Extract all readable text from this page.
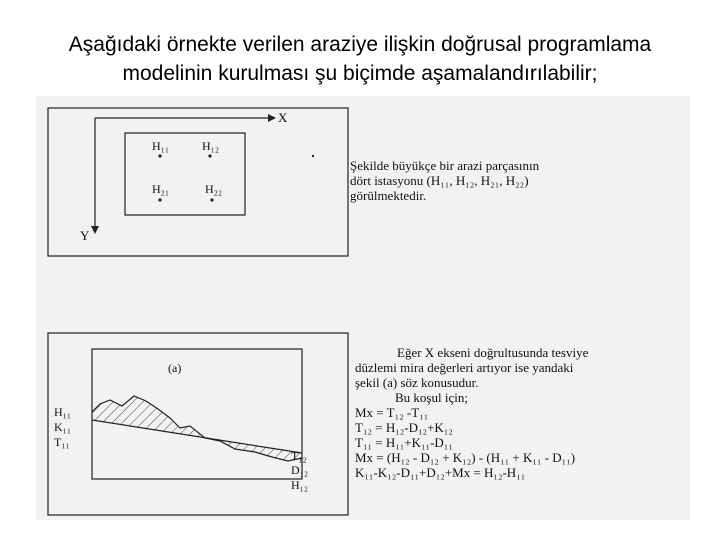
Aşağıdaki örnekte verilen araziye ilişkin doğrusal programlama
modelinin kurulması şu biçimde aşamalandırılabilir;
X
Y
H₁₁	H₁₂
H₂₁	H₂₂
(a)
H₁₁
K₁₁
T₁₁
T₁₂
D₁₂
H₁₂
Şekilde büyükçe bir arazi parçasının
dört istasyonu (H₁₁, H₁₂, H₂₁, H₂₂)
görülmektedir.
Eğer X ekseni doğrultusunda tesviye
düzlemi mira değerleri artıyor ise yandaki
şekil (a) söz konusudur.
Bu koşul için;
Mx = T₁₂ -T₁₁
T₁₂ = H₁₂-D₁₂+K₁₂
T₁₁ = H₁₁+K₁₁-D₁₁
Mx = (H₁₂ - D₁₂ + K₁₂) - (H₁₁ + K₁₁ - D₁₁)
K₁₁-K₁₂-D₁₁+D₁₂+Mx = H₁₂-H₁₁
